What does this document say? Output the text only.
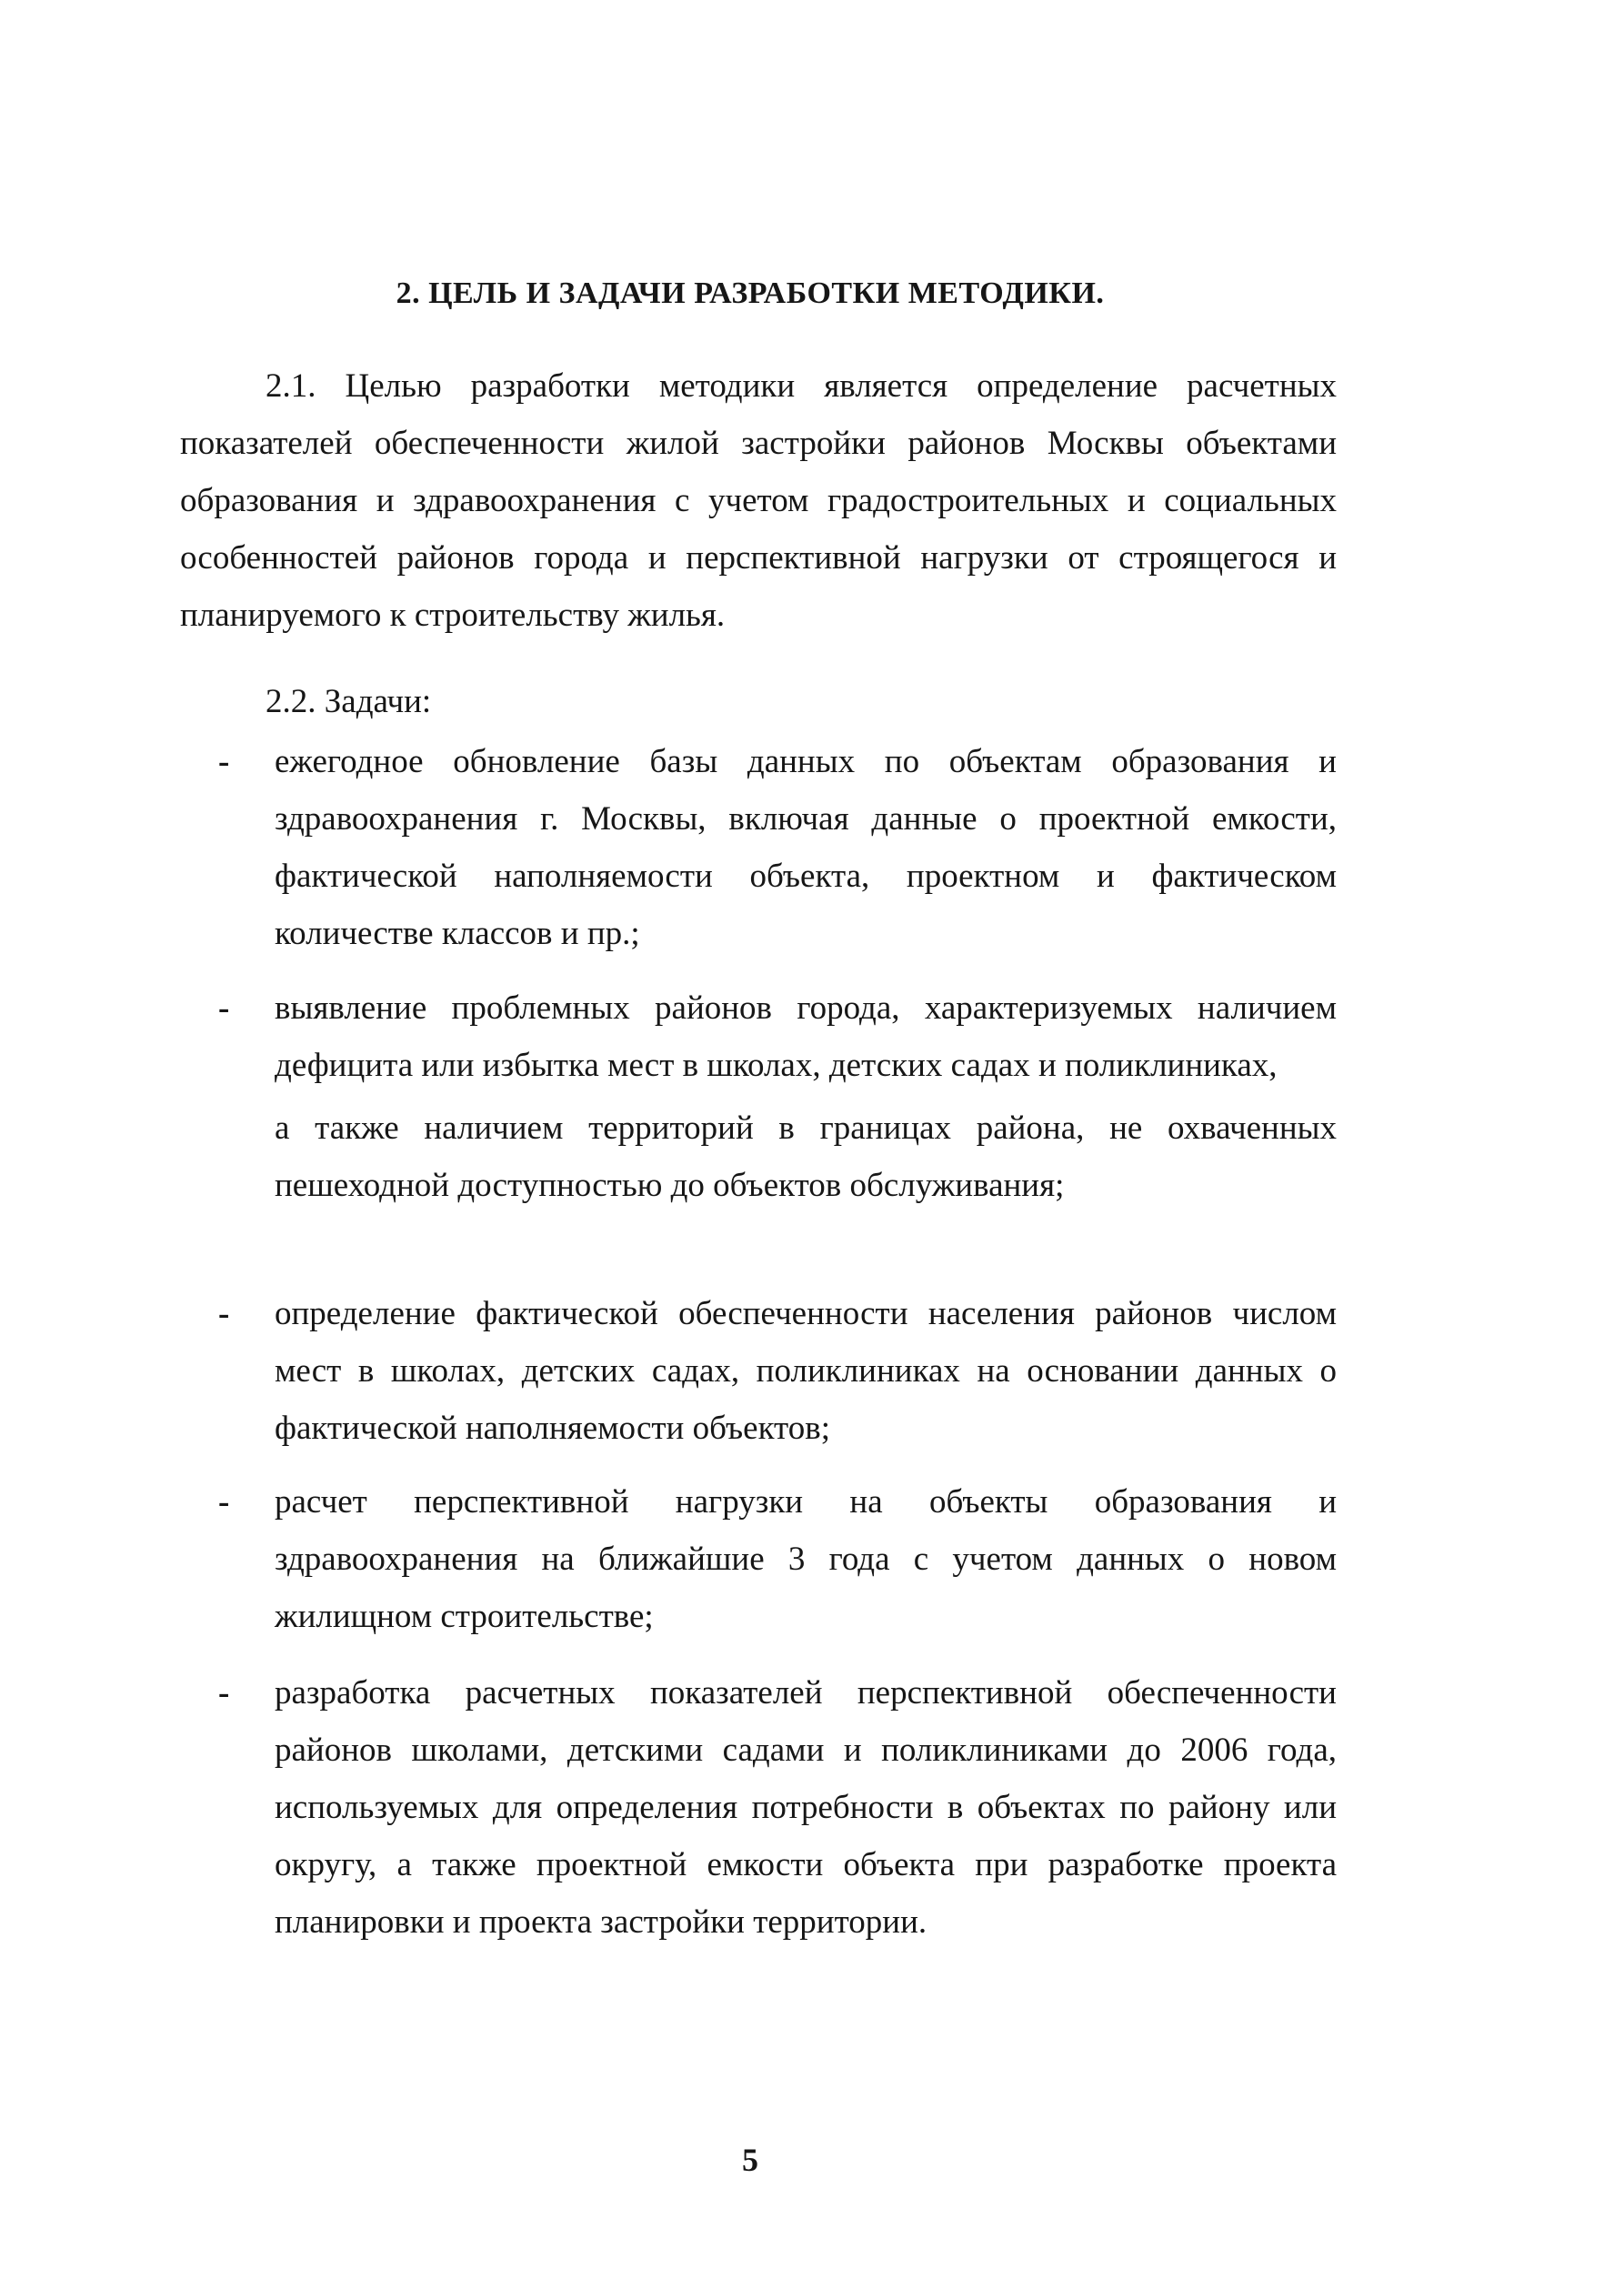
2. ЦЕЛЬ И ЗАДАЧИ РАЗРАБОТКИ МЕТОДИКИ.

2.1. Целью разработки методики является определение расчетных показателей обеспеченности жилой застройки районов Москвы объектами образования и здравоохранения с учетом градостроительных и социальных особенностей районов города и перспективной нагрузки от строящегося и планируемого к строительству жилья.

2.2. Задачи:

-	ежегодное обновление базы данных по объектам образования и здравоохранения г. Москвы, включая данные о проектной емкости, фактической наполняемости объекта, проектном и фактическом количестве классов и пр.;
-	выявление проблемных районов города, характеризуемых наличием дефицита или избытка мест в школах, детских садах и поликлиниках,
а также наличием территорий в границах района, не охваченных пешеходной доступностью до объектов обслуживания;
-	определение фактической обеспеченности населения районов числом мест в школах, детских садах, поликлиниках на основании данных о фактической наполняемости объектов;
-	расчет перспективной нагрузки на объекты образования и здравоохранения на ближайшие 3 года с учетом данных о новом жилищном строительстве;
-	разработка расчетных показателей перспективной обеспеченности районов школами, детскими садами и поликлиниками до 2006 года, используемых для определения потребности в объектах по району или округу, а также проектной емкости объекта при разработке проекта планировки и проекта застройки территории.
5
